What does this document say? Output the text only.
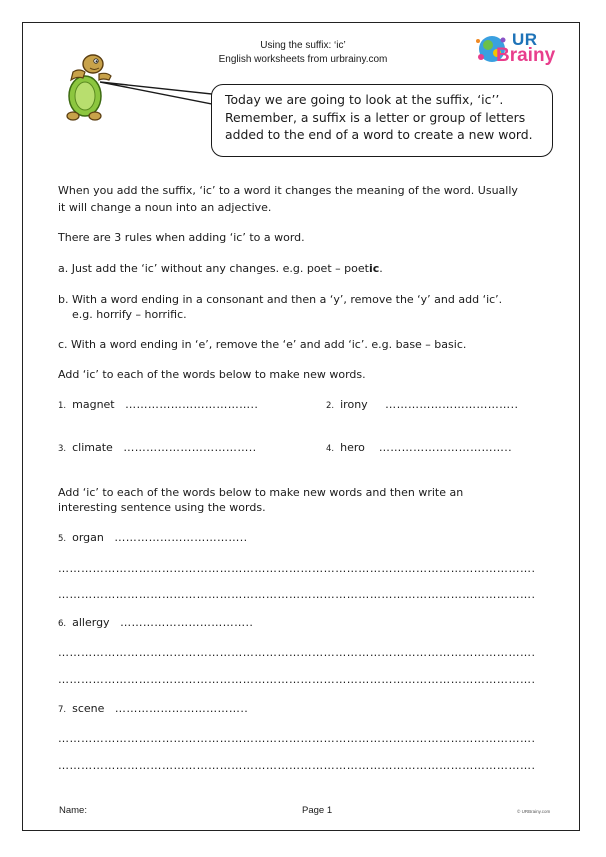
Using the suffix: ‘ic’
English worksheets from urbrainy.com
UR
Brainy

Today we are going to look at the suffix, ‘ic’’.

Remember, a suffix is a letter or group of letters

added to the end of a word to create a new word.

When you add the suffix, ‘ic’ to a word it changes the meaning of the word. Usually
it will change a noun into an adjective.
There are 3 rules when adding ‘ic’ to a word.
a. Just add the ‘ic’ without any changes. e.g. poet – poetic.
b. With a word ending in a consonant and then a ‘y’, remove the ‘y’ and add ‘ic’.
e.g. horrify – horrific.
c. With a word ending in ‘e’, remove the ‘e’ and add ‘ic’. e.g. base – basic.
Add ‘ic’ to each of the words below to make new words.
1. magnet ……………………………..	2. irony ……………………………..
3. climate ……………………………..	4. hero ……………………………..
Add ‘ic’ to each of the words below to make new words and then write an
interesting sentence using the words.
5. organ ……………………………..
…………………………………………………………………………………………………………….
…………………………………………………………………………………………………………….
6. allergy ……………………………..
…………………………………………………………………………………………………………….
…………………………………………………………………………………………………………….
7. scene ……………………………..
…………………………………………………………………………………………………………….
…………………………………………………………………………………………………………….
Name:	Page 1	© URBrainy.com
